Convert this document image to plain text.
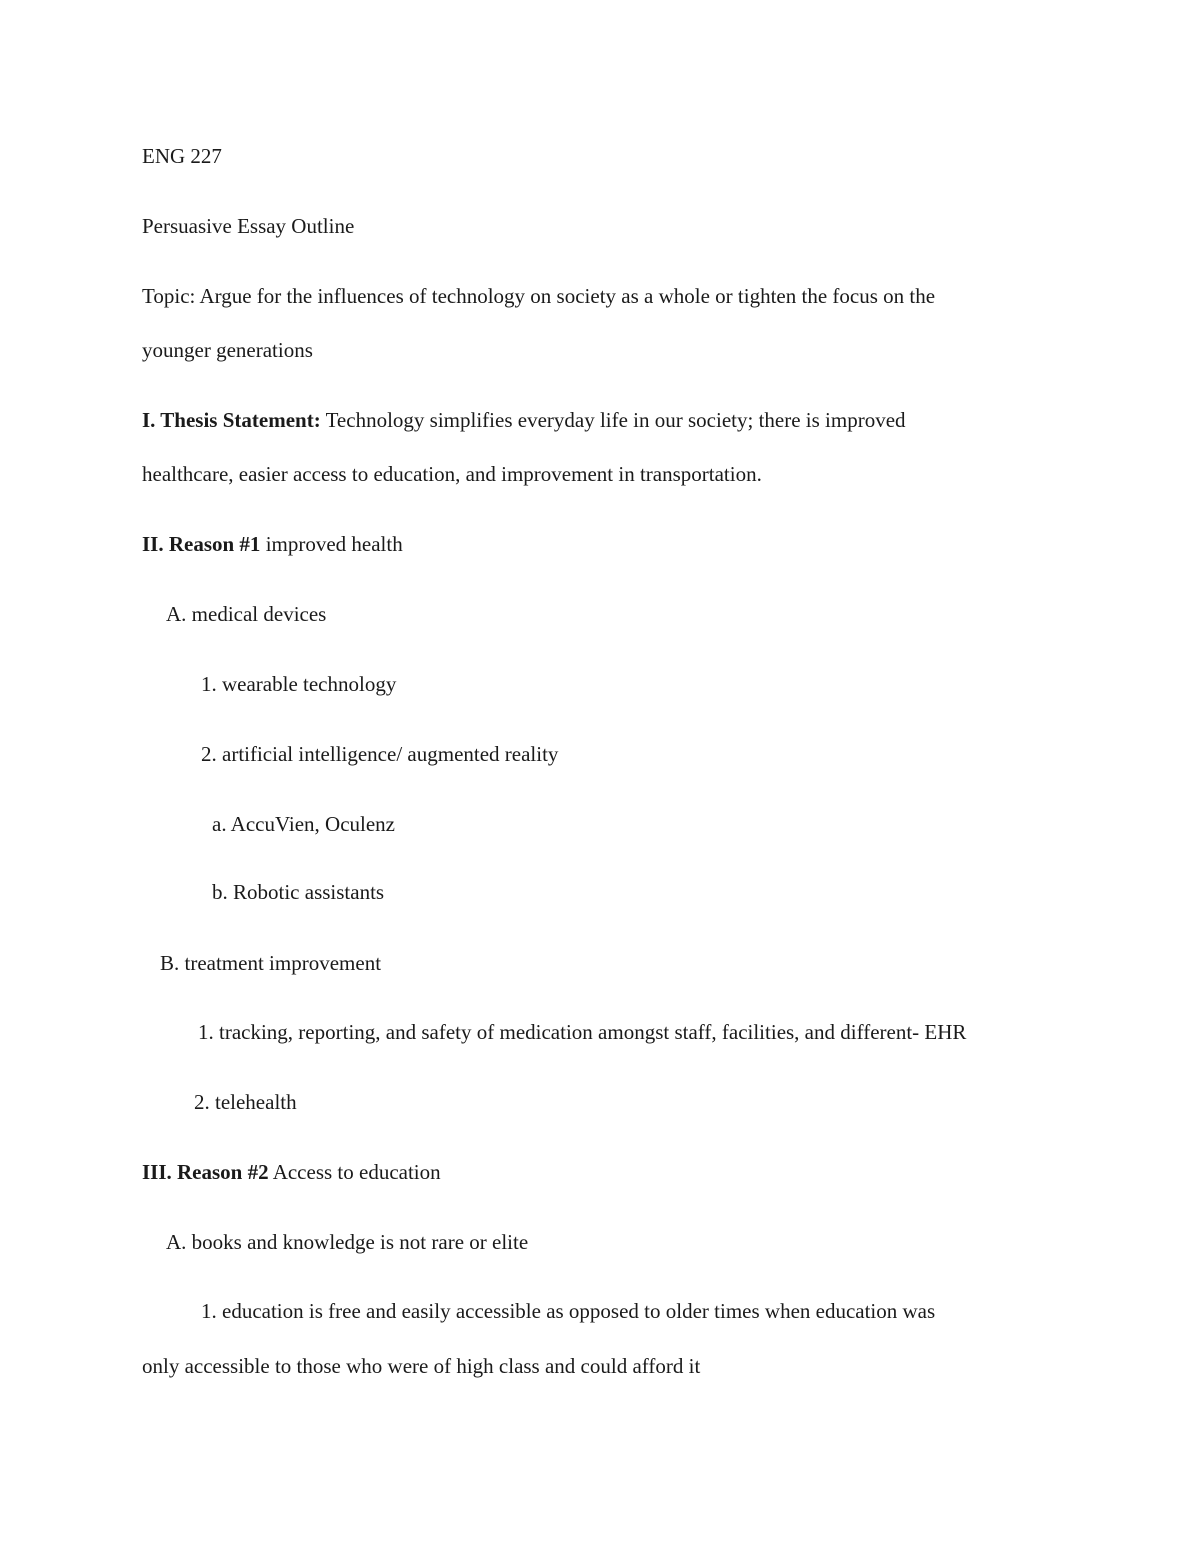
ENG 227
Persuasive Essay Outline
Topic: Argue for the influences of technology on society as a whole or tighten the focus on the
younger generations
I. Thesis Statement: Technology simplifies everyday life in our society; there is improved
healthcare, easier access to education, and improvement in transportation.
II. Reason #1 improved health
A. medical devices
1. wearable technology
2. artificial intelligence/ augmented reality
a. AccuVien, Oculenz
b. Robotic assistants
B. treatment improvement
1. tracking, reporting, and safety of medication amongst staff, facilities, and different- EHR
2. telehealth
III. Reason #2 Access to education
A. books and knowledge is not rare or elite
1. education is free and easily accessible as opposed to older times when education was
only accessible to those who were of high class and could afford it
